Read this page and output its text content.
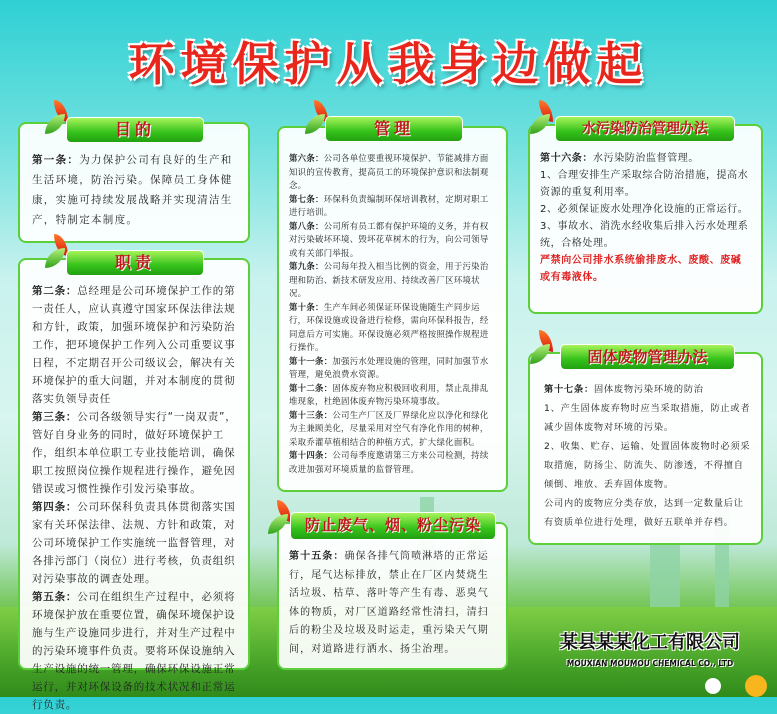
环境保护从我身边做起

第一条：为力保护公司有良好的生产和生活环境，防治污染。保障员工身体健康，实施可持续发展战略并实现清洁生产，特制定本制度。

目的

第二条：总经理是公司环境保护工作的第一责任人，应认真遵守国家环保法律法规和方针，政策，加强环境保护和污染防治工作，把环境保护工作列入公司重要议事日程，不定期召开公司级议会，解决有关环境保护的重大问题，并对本制度的贯彻落实负领导责任

第三条：公司各级领导实行“一岗双责”，管好自身业务的同时，做好环境保护工作，组织本单位职工专业技能培训，确保职工按照岗位操作规程进行操作，避免因错误或习惯性操作引发污染事故。

第四条：公司环保科负责具体贯彻落实国家有关环保法律、法规、方针和政策，对公司环境保护工作实施统一监督管理，对各排污部门（岗位）进行考核，负责组织对污染事故的调查处理。

第五条：公司在组织生产过程中，必须将环境保护放在重要位置，确保环境保护设施与生产设施同步进行，并对生产过程中的污染环境事件负责。要将环保设施纳入生产设施的统一管理，确保环保设施正常运行，并对环保设备的技术状况和正常运行负责。

职责

第六条：公司各单位要重视环境保护、节能减排方面知识的宣传教育，提高员工的环境保护意识和法制观念。

第七条：环保科负责编制环保培训教材，定期对职工进行培训。

第八条：公司所有员工都有保护环境的义务，并有权对污染破坏环境、毁坏花草树木的行为，向公司领导或有关部门举报。

第九条：公司每年投入相当比例的资金，用于污染治理和防治、新技术研发应用、持续改善厂区环境状况。

第十条：生产车间必须保证环保设施随生产同步运行，环保设施或设备进行检修，需向环保科报告，经同意后方可实施。环保设施必须严格按照操作规程进行操作。

第十一条：加强污水处理设施的管理，同时加强节水管理，避免浪费水资源。

第十二条：固体废弃物应积极回收利用，禁止乱排乱堆现象，杜绝固体废弃物污染环境事故。

第十三条：公司生产厂区及厂界绿化应以净化和绿化为主兼顾美化，尽量采用对空气有净化作用的树种，采取乔灌草植相结合的种植方式，扩大绿化面积。

第十四条：公司每季度邀请第三方来公司检测，持续改进加强对环境质量的监督管理。

管理

第十五条：确保各排气筒喷淋塔的正常运行，尾气达标排放，禁止在厂区内焚烧生活垃圾、枯草、落叶等产生有毒、恶臭气体的物质，对厂区道路经常性清扫，清扫后的粉尘及垃圾及时运走，重污染天气期间，对道路进行洒水、扬尘治理。

防止废气、烟、粉尘污染

第十六条：水污染防治监督管理。

1、合理安排生产采取综合防治措施，提高水资源的重复利用率。

2、必须保证废水处理净化设施的正常运行。

3、事故水、消洗水经收集后排入污水处理系统，合格处理。

严禁向公司排水系统偷排废水、废酸、废碱或有毒液体。

水污染防治管理办法

第十七条：固体废物污染环境的防治

1、产生固体废弃物时应当采取措施，防止或者减少固体废物对环境的污染。

2、收集、贮存、运输、处置固体废物时必须采取措施，防扬尘、防流失、防渗透，不得擅自倾倒、堆放、丢弃固体废物。

公司内的废物应分类存放，达到一定数量后让有资质单位进行处理，做好五联单并存档。

固体废物管理办法
某县某某化工有限公司
MOUXIAN MOUMOU CHEMICAL CO., LTD
